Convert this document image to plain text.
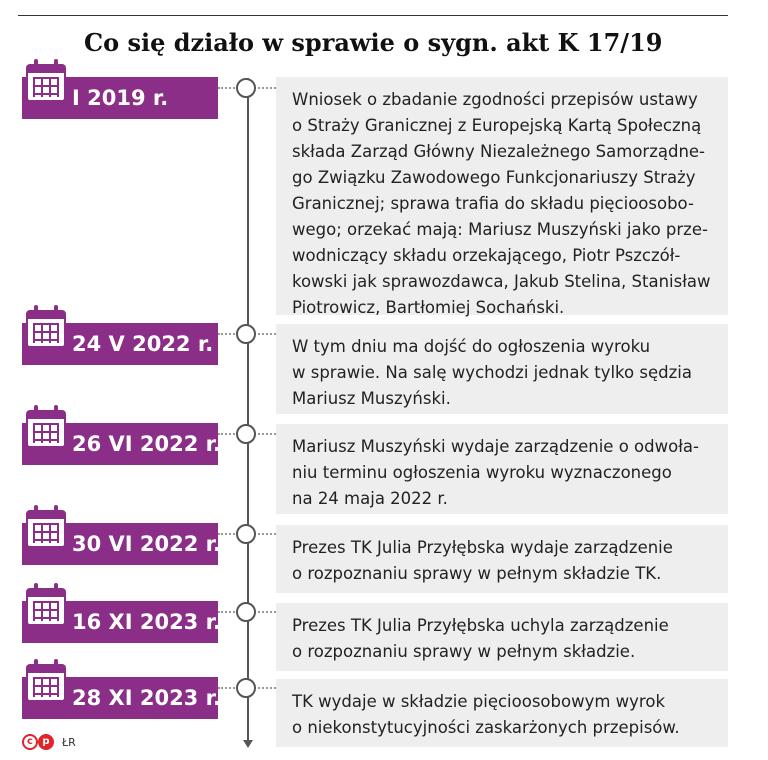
Co się działo w sprawie o sygn. akt K 17/19
I 2019 r.	Wniosek o zbadanie zgodności przepisów ustawy
o Straży Granicznej z Europejską Kartą Społeczną
składa Zarząd Główny Niezależnego Samorządne-
go Związku Zawodowego Funkcjonariuszy Straży
Granicznej; sprawa trafia do składu pięcioosobo-
wego; orzekać mają: Mariusz Muszyński jako prze-
wodniczący składu orzekającego, Piotr Pszczół-
kowski jak sprawozdawca, Jakub Stelina, Stanisław
Piotrowicz, Bartłomiej Sochański.
24 V 2022 r.	W tym dniu ma dojść do ogłoszenia wyroku
w sprawie. Na salę wychodzi jednak tylko sędzia
Mariusz Muszyński.
26 VI 2022 r.	Mariusz Muszyński wydaje zarządzenie o odwoła-
niu terminu ogłoszenia wyroku wyznaczonego
na 24 maja 2022 r.
30 VI 2022 r.	Prezes TK Julia Przyłębska wydaje zarządzenie
o rozpoznaniu sprawy w pełnym składzie TK.
16 XI 2023 r.	Prezes TK Julia Przyłębska uchyla zarządzenie
o rozpoznaniu sprawy w pełnym składzie.
28 XI 2023 r.	TK wydaje w składzie pięcioosobowym wyrok
o niekonstytucyjności zaskarżonych przepisów.
c p	ŁR
